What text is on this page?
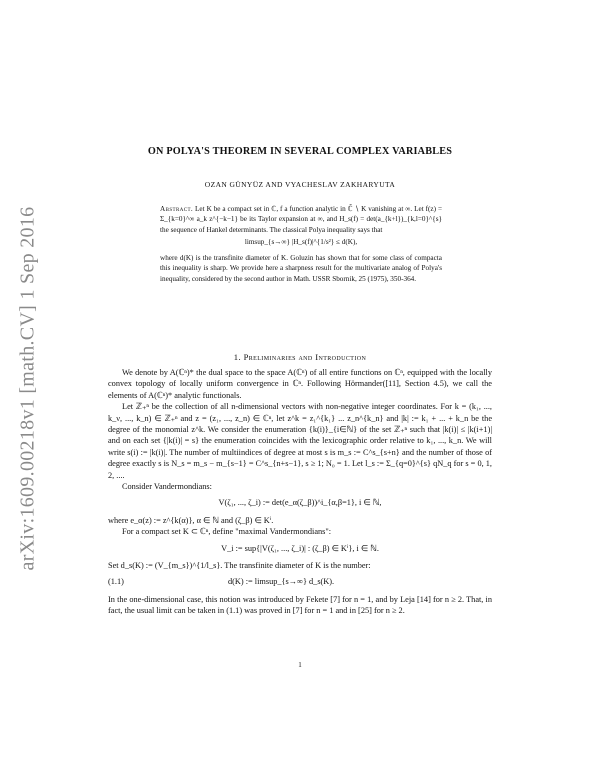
arXiv:1609.00218v1 [math.CV] 1 Sep 2016
ON POLYA'S THEOREM IN SEVERAL COMPLEX VARIABLES
OZAN GÜNYÜZ AND VYACHESLAV ZAKHARYUTA
Abstract. Let K be a compact set in ℂ, f a function analytic in ℂ̄ ∖ K vanishing at ∞. Let f(z) = Σ_{k=0}^∞ a_k z^{−k−1} be its Taylor expansion at ∞, and H_s(f) = det(a_{k+l})_{k,l=0}^{s} the sequence of Hankel determinants. The classical Polya inequality says that
limsup_{s→∞} |H_s(f)|^{1/s²} ≤ d(K),
where d(K) is the transfinite diameter of K. Goluzin has shown that for some class of compacta this inequality is sharp. We provide here a sharpness result for the multivariate analog of Polya's inequality, considered by the second author in Math. USSR Sbornik, 25 (1975), 350-364.
1. Preliminaries and Introduction

We denote by A(ℂⁿ)* the dual space to the space A(ℂⁿ) of all entire functions on ℂⁿ, equipped with the locally convex topology of locally uniform convergence in ℂⁿ. Following Hörmander([11], Section 4.5), we call the elements of A(ℂⁿ)* analytic functionals.

Let ℤ₊ⁿ be the collection of all n-dimensional vectors with non-negative integer coordinates. For k = (k₁, ..., k_ν, ..., k_n) ∈ ℤ₊ⁿ and z = (z₁, ..., z_n) ∈ ℂⁿ, let z^k = z₁^{k₁} ... z_n^{k_n} and |k| := k₁ + ... + k_n be the degree of the monomial z^k. We consider the enumeration {k(i)}_{i∈ℕ} of the set ℤ₊ⁿ such that |k(i)| ≤ |k(i+1)| and on each set {|k(i)| = s} the enumeration coincides with the lexicographic order relative to k₁, ..., k_n. We will write s(i) := |k(i)|. The number of multiindices of degree at most s is m_s := C^s_{s+n} and the number of those of degree exactly s is N_s = m_s − m_{s−1} = C^s_{n+s−1}, s ≥ 1; N₀ = 1. Let l_s := Σ_{q=0}^{s} qN_q for s = 0, 1, 2, ....

Consider Vandermondians:

V(ζ₁, ..., ζ_i) := det(e_α(ζ_β))^i_{α,β=1}, i ∈ ℕ,

where e_α(z) := z^{k(α)}, α ∈ ℕ and (ζ_β) ∈ Kⁱ.

For a compact set K ⊂ ℂⁿ, define "maximal Vandermondians":

V_i := sup{|V(ζ₁, ..., ζ_i)| : (ζ_β) ∈ Kⁱ}, i ∈ ℕ.

Set d_s(K) := (V_{m_s})^{1/l_s}. The transfinite diameter of K is the number:

(1.1)	d(K) := limsup_{s→∞} d_s(K).

In the one-dimensional case, this notion was introduced by Fekete [7] for n = 1, and by Leja [14] for n ≥ 2. That, in fact, the usual limit can be taken in (1.1) was proved in [7] for n = 1 and in [25] for n ≥ 2.

1
